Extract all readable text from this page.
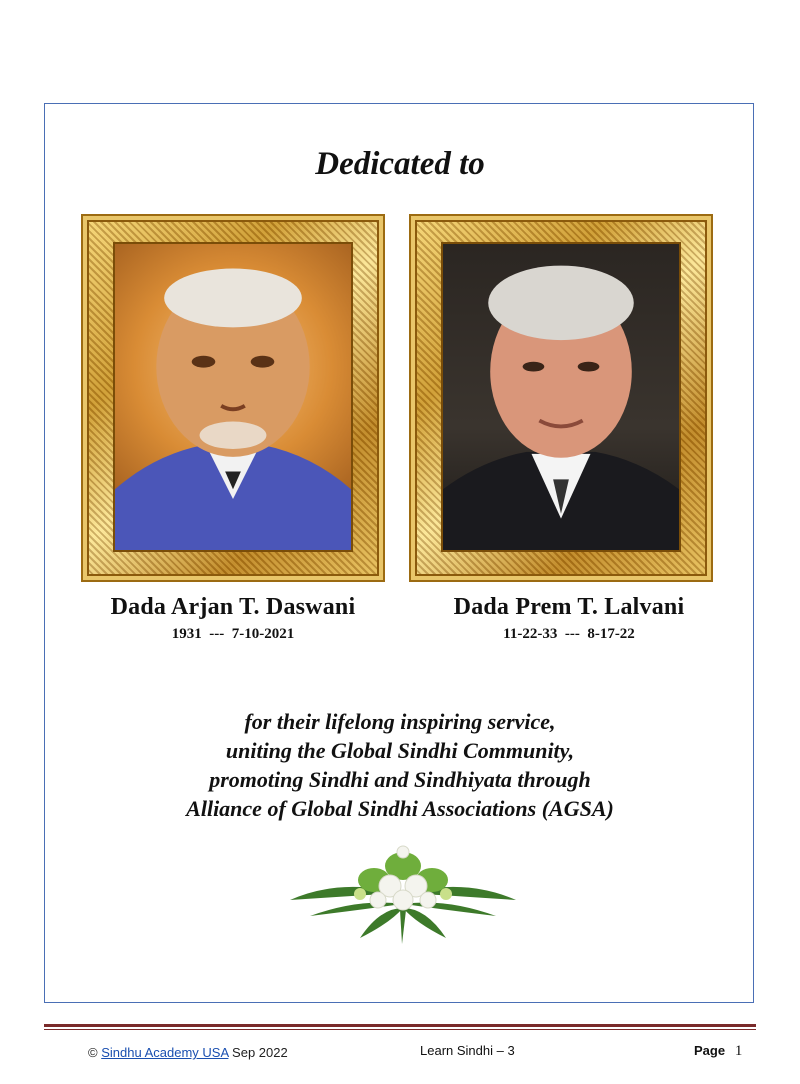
Dedicated to

Dada Arjan T. Daswani

1931  ---  7-10-2021

Dada Prem T. Lalvani

11-22-33  ---  8-17-22

for their lifelong inspiring service,
uniting the Global Sindhi Community,
promoting Sindhi and Sindhiyata through
Alliance of Global Sindhi Associations (AGSA)
© Sindhu Academy USA Sep 2022	Learn Sindhi – 3	Page 1
